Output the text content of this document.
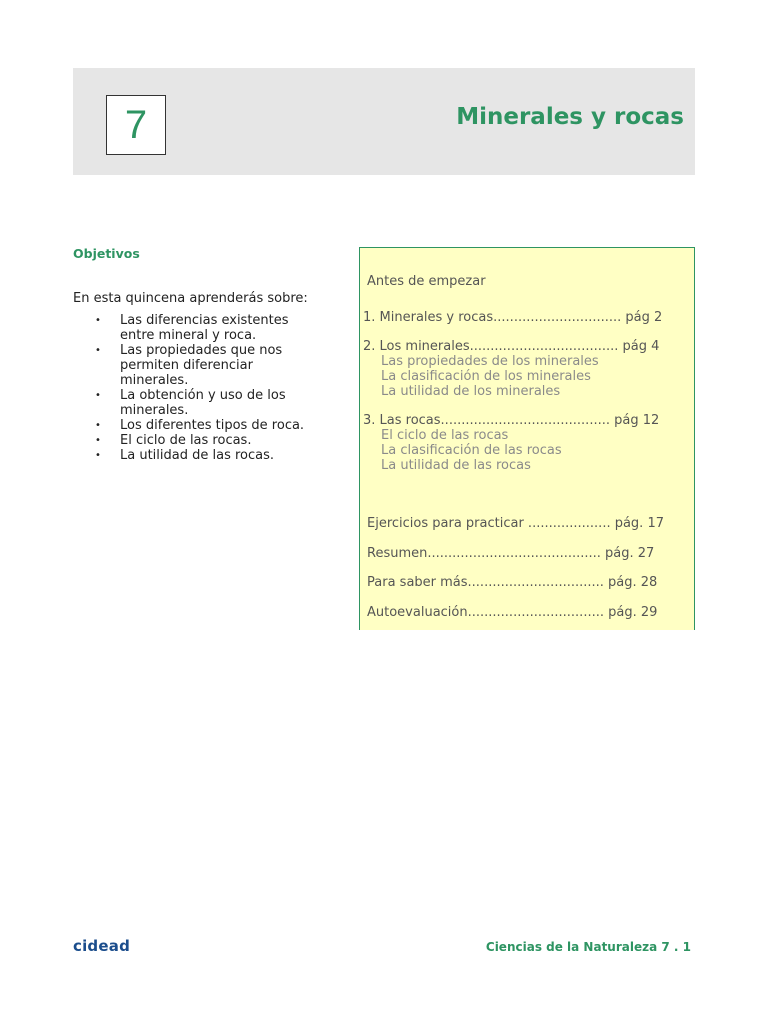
7	Minerales y rocas
Objetivos
En esta quincena aprenderás sobre:
• Las diferencias existentes entre mineral y roca.
• Las propiedades que nos permiten diferenciar minerales.
• La obtención y uso de los minerales.
• Los diferentes tipos de roca.
• El ciclo de las rocas.
• La utilidad de las rocas.
Antes de empezar
1. Minerales y rocas............................... pág 2
2. Los minerales.................................... pág 4
Las propiedades de los minerales
La clasificación de los minerales
La utilidad de los minerales
3. Las rocas......................................... pág 12
El ciclo de las rocas
La clasificación de las rocas
La utilidad de las rocas
Ejercicios para practicar .................... pág. 17
Resumen.......................................... pág. 27
Para saber más................................. pág. 28
Autoevaluación................................. pág. 29
cidead	Ciencias de la Naturaleza 7 . 1
